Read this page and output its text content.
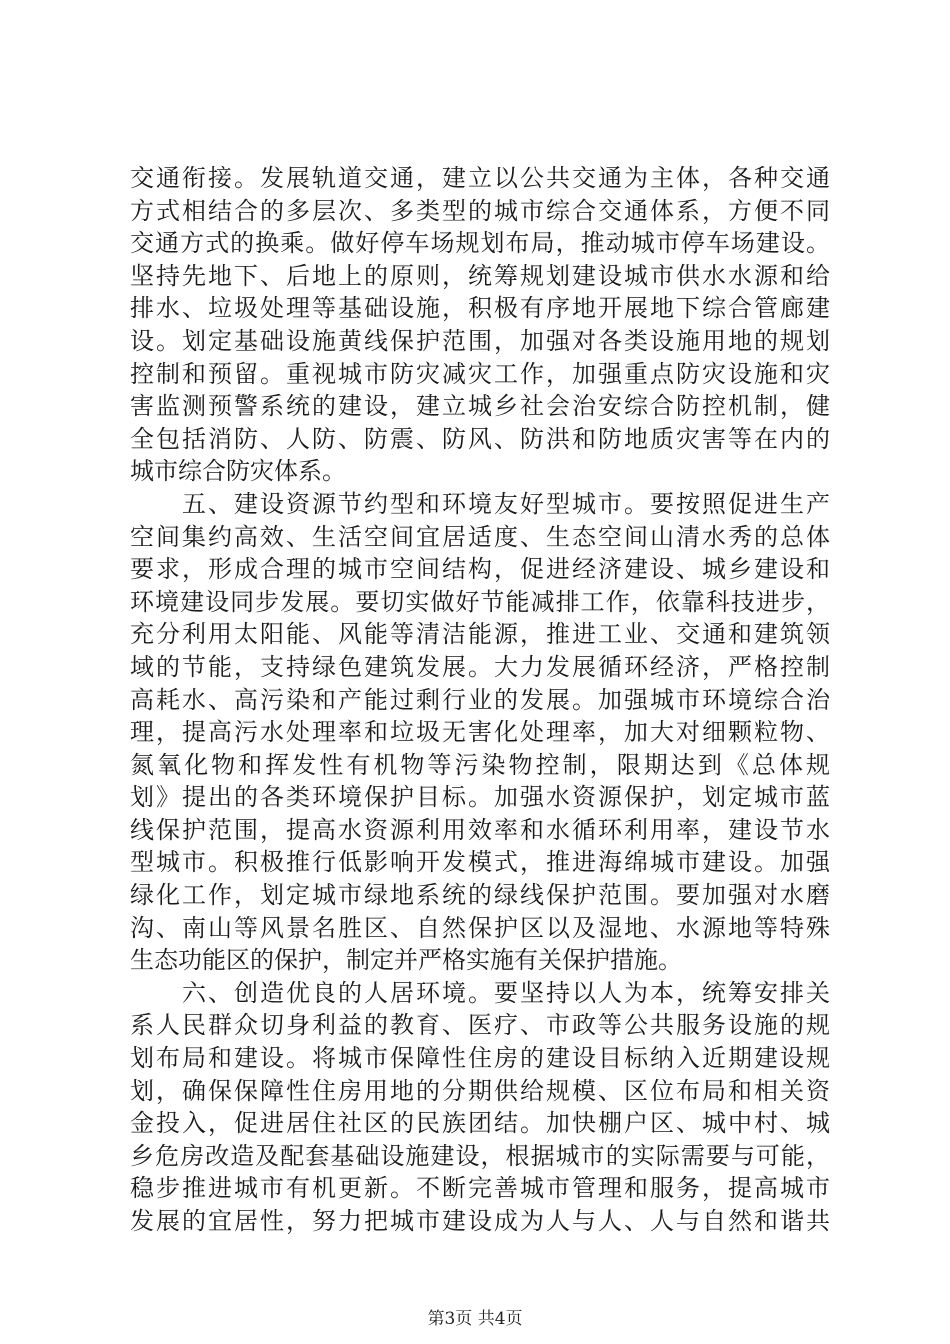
交通衔接。发展轨道交通，建立以公共交通为主体，各种交通
方式相结合的多层次、多类型的城市综合交通体系，方便不同
交通方式的换乘。做好停车场规划布局，推动城市停车场建设。
坚持先地下、后地上的原则，统筹规划建设城市供水水源和给
排水、垃圾处理等基础设施，积极有序地开展地下综合管廊建
设。划定基础设施黄线保护范围，加强对各类设施用地的规划
控制和预留。重视城市防灾减灾工作，加强重点防灾设施和灾
害监测预警系统的建设，建立城乡社会治安综合防控机制，健
全包括消防、人防、防震、防风、防洪和防地质灾害等在内的
城市综合防灾体系。
　　五、建设资源节约型和环境友好型城市。要按照促进生产
空间集约高效、生活空间宜居适度、生态空间山清水秀的总体
要求，形成合理的城市空间结构，促进经济建设、城乡建设和
环境建设同步发展。要切实做好节能减排工作，依靠科技进步，
充分利用太阳能、风能等清洁能源，推进工业、交通和建筑领
域的节能，支持绿色建筑发展。大力发展循环经济，严格控制
高耗水、高污染和产能过剩行业的发展。加强城市环境综合治
理，提高污水处理率和垃圾无害化处理率，加大对细颗粒物、
氮氧化物和挥发性有机物等污染物控制，限期达到《总体规
划》提出的各类环境保护目标。加强水资源保护，划定城市蓝
线保护范围，提高水资源利用效率和水循环利用率，建设节水
型城市。积极推行低影响开发模式，推进海绵城市建设。加强
绿化工作，划定城市绿地系统的绿线保护范围。要加强对水磨
沟、南山等风景名胜区、自然保护区以及湿地、水源地等特殊
生态功能区的保护，制定并严格实施有关保护措施。
　　六、创造优良的人居环境。要坚持以人为本，统筹安排关
系人民群众切身利益的教育、医疗、市政等公共服务设施的规
划布局和建设。将城市保障性住房的建设目标纳入近期建设规
划，确保保障性住房用地的分期供给规模、区位布局和相关资
金投入，促进居住社区的民族团结。加快棚户区、城中村、城
乡危房改造及配套基础设施建设，根据城市的实际需要与可能，
稳步推进城市有机更新。不断完善城市管理和服务，提高城市
发展的宜居性，努力把城市建设成为人与人、人与自然和谐共
第3页 共4页
